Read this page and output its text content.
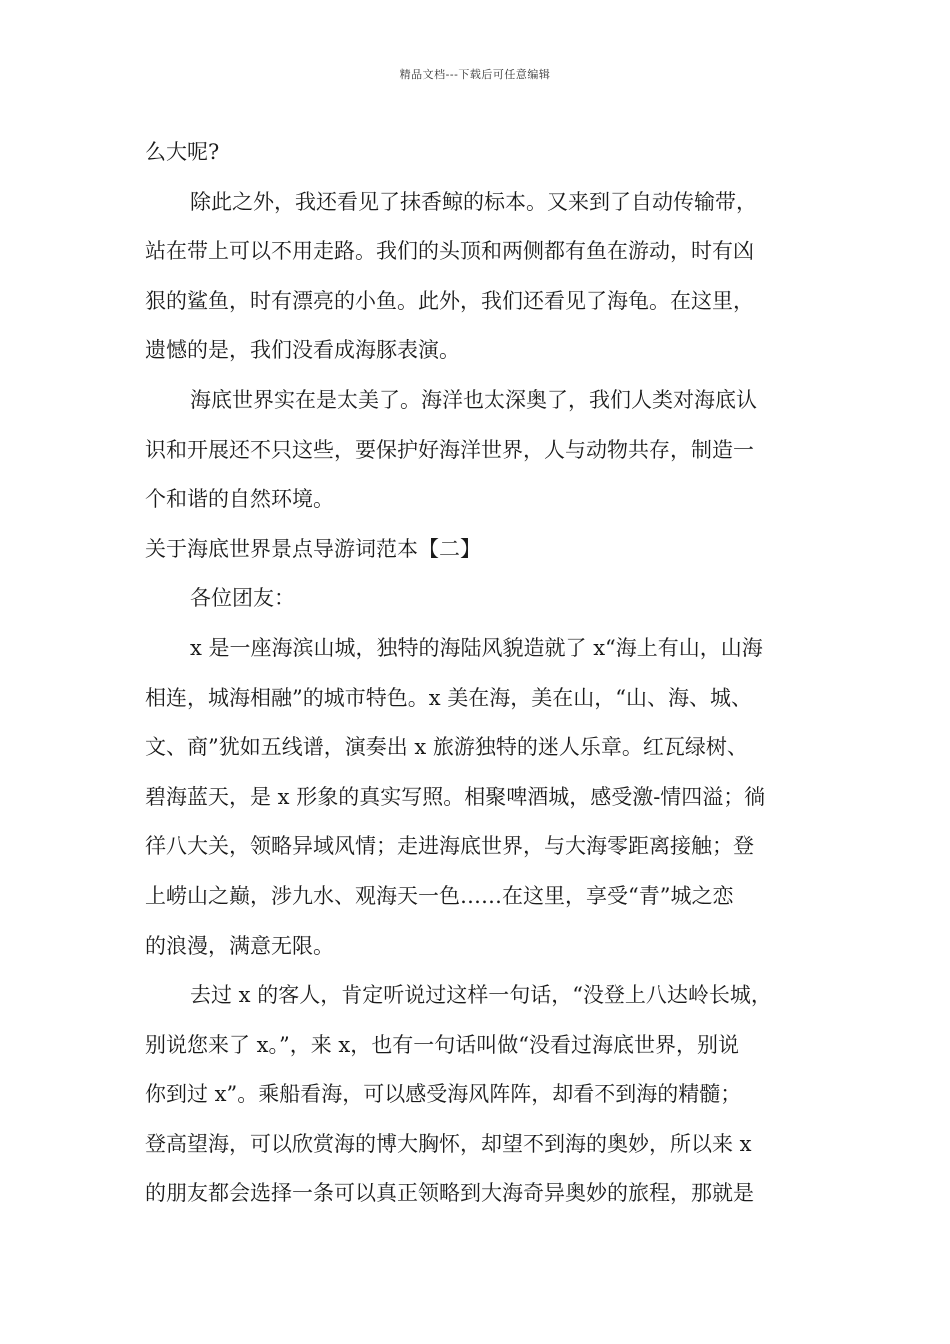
精品文档---下载后可任意编辑
么大呢?
除此之外，我还看见了抹香鲸的标本。又来到了自动传输带，
站在带上可以不用走路。我们的头顶和两侧都有鱼在游动，时有凶
狠的鲨鱼，时有漂亮的小鱼。此外，我们还看见了海龟。在这里，
遗憾的是，我们没看成海豚表演。
海底世界实在是太美了。海洋也太深奥了，我们人类对海底认
识和开展还不只这些，要保护好海洋世界，人与动物共存，制造一
个和谐的自然环境。
关于海底世界景点导游词范本【二】
各位团友：
x 是一座海滨山城，独特的海陆风貌造就了 x“海上有山，山海
相连，城海相融”的城市特色。x 美在海，美在山，“山、海、城、
文、商”犹如五线谱，演奏出 x 旅游独特的迷人乐章。红瓦绿树、
碧海蓝天，是 x 形象的真实写照。相聚啤酒城，感受激-情四溢；徜
徉八大关，领略异域风情；走进海底世界，与大海零距离接触；登
上崂山之巅，涉九水、观海天一色……在这里，享受“青”城之恋
的浪漫，满意无限。
去过 x 的客人，肯定听说过这样一句话，“没登上八达岭长城，
别说您来了 x。”，来 x，也有一句话叫做“没看过海底世界，别说
你到过 x”。乘船看海，可以感受海风阵阵，却看不到海的精髓；
登高望海，可以欣赏海的博大胸怀，却望不到海的奥妙，所以来 x
的朋友都会选择一条可以真正领略到大海奇异奥妙的旅程，那就是
